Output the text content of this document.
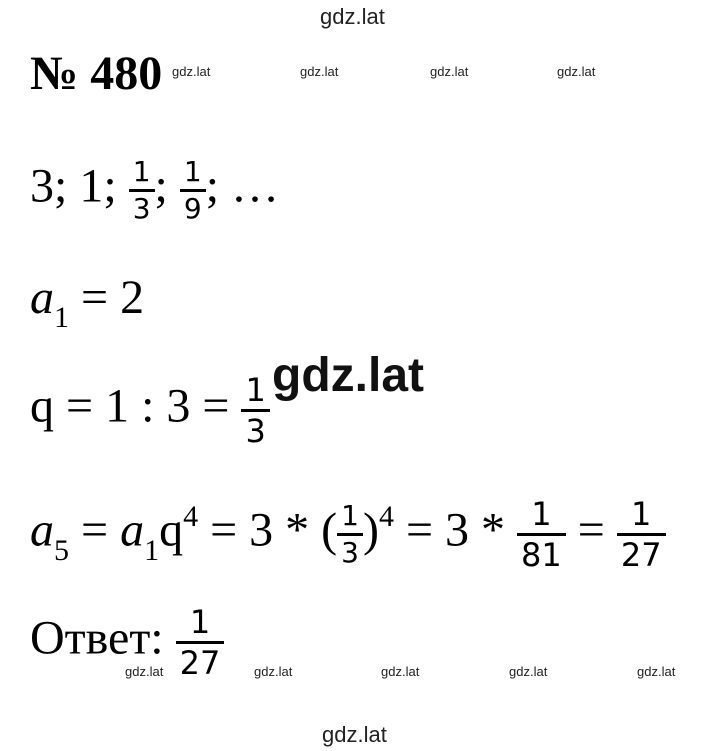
gdz.lat
gdz.lat	gdz.lat	gdz.lat	gdz.lat
gdz.lat
gdz.lat	gdz.lat	gdz.lat	gdz.lat	gdz.lat
gdz.lat
№ 480
3; 1; $\frac{1}{3}$ ; $\frac{1}{9}$ ; …
$a_1 = 2$
q = 1 : $3 = \frac{1}{3}$
$a_5 = a_1q^4 = 3$ * ( $\frac{1}{3} )^4 = 3 * \frac{1}{81} = \frac{1}{27}$
Ответ: $\frac{1}{27}$
